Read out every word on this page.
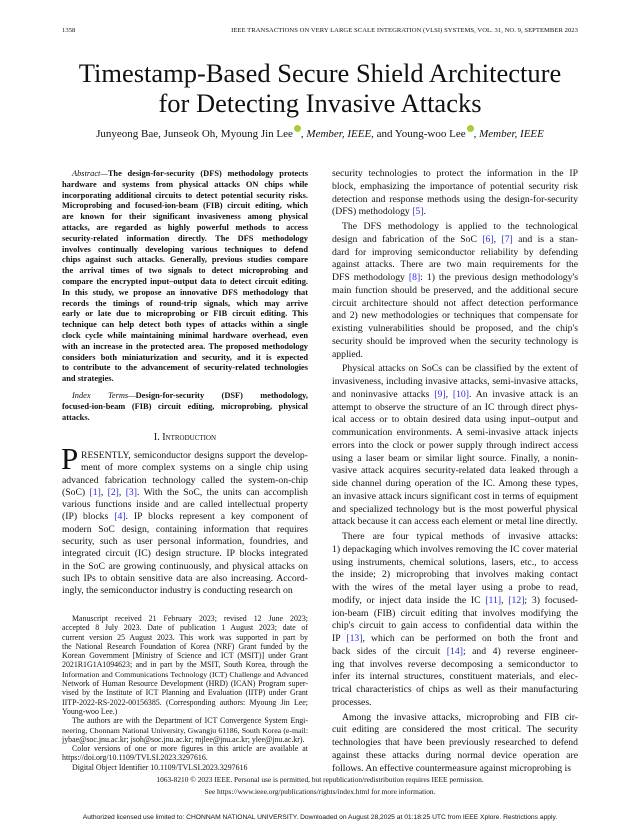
1358	IEEE TRANSACTIONS ON VERY LARGE SCALE INTEGRATION (VLSI) SYSTEMS, VOL. 31, NO. 9, SEPTEMBER 2023
Timestamp-Based Secure Shield Architecture
for Detecting Invasive Attacks
Junyeong Bae, Junseok Oh, Myoung Jin Lee , Member, IEEE, and Young-woo Lee , Member, IEEE
Abstract—The design-for-security (DFS) methodology protects
hardware and systems from physical attacks ON chips while
incorporating additional circuits to detect potential security risks.
Microprobing and focused-ion-beam (FIB) circuit editing, which
are known for their significant invasiveness among physical
attacks, are regarded as highly powerful methods to access
security-related information directly. The DFS methodology
involves continually developing various techniques to defend
chips against such attacks. Generally, previous studies compare
the arrival times of two signals to detect microprobing and
compare the encrypted input–output data to detect circuit editing.
In this study, we propose an innovative DFS methodology that
records the timings of round-trip signals, which may arrive
early or late due to microprobing or FIB circuit editing. This
technique can help detect both types of attacks within a single
clock cycle while maintaining minimal hardware overhead, even
with an increase in the protected area. The proposed methodology
considers both miniaturization and security, and it is expected
to contribute to the advancement of security-related technologies
and strategies.
Index Terms—Design-for-security (DSF) methodology,
focused-ion-beam (FIB) circuit editing, microprobing, physical
attacks.
I. Introduction
P RESENTLY, semiconductor designs support the develop-
ment of more complex systems on a single chip using
advanced fabrication technology called the system-on-chip
(SoC) [1], [2], [3]. With the SoC, the units can accomplish
various functions inside and are called intellectual property
(IP) blocks [4]. IP blocks represent a key component of
modern SoC design, containing information that requires
security, such as user personal information, foundries, and
integrated circuit (IC) design structure. IP blocks integrated
in the SoC are growing continuously, and physical attacks on
such IPs to obtain sensitive data are also increasing. Accord-
ingly, the semiconductor industry is conducting research on
Manuscript received 21 February 2023; revised 12 June 2023;
accepted 8 July 2023. Date of publication 1 August 2023; date of
current version 25 August 2023. This work was supported in part by
the National Research Foundation of Korea (NRF) Grant funded by the
Korean Government [Ministry of Science and ICT (MSIT)] under Grant
2021R1G1A1094623; and in part by the MSIT, South Korea, through the
Information and Communications Technology (ICT) Challenge and Advanced
Network of Human Resource Development (HRD) (ICAN) Program super-
vised by the Institute of ICT Planning and Evaluation (IITP) under Grant
IITP-2022-RS-2022-00156385. (Corresponding authors: Myoung Jin Lee;
Young-woo Lee.)
The authors are with the Department of ICT Convergence System Engi-
neering, Chonnam National University, Gwangju 61186, South Korea (e-mail:
jybae@soc.jnu.ac.kr; jsoh@soc.jnu.ac.kr; mjlee@jnu.ac.kr; ylee@jnu.ac.kr).
Color versions of one or more figures in this article are available at
https://doi.org/10.1109/TVLSI.2023.3297616.
Digital Object Identifier 10.1109/TVLSI.2023.3297616
security technologies to protect the information in the IP
block, emphasizing the importance of potential security risk
detection and response methods using the design-for-security
(DFS) methodology [5].
The DFS methodology is applied to the technological
design and fabrication of the SoC [6], [7] and is a stan-
dard for improving semiconductor reliability by defending
against attacks. There are two main requirements for the
DFS methodology [8]: 1) the previous design methodology's
main function should be preserved, and the additional secure
circuit architecture should not affect detection performance
and 2) new methodologies or techniques that compensate for
existing vulnerabilities should be proposed, and the chip's
security should be improved when the security technology is
applied.
Physical attacks on SoCs can be classified by the extent of
invasiveness, including invasive attacks, semi-invasive attacks,
and noninvasive attacks [9], [10]. An invasive attack is an
attempt to observe the structure of an IC through direct phys-
ical access or to obtain desired data using input–output and
communication environments. A semi-invasive attack injects
errors into the clock or power supply through indirect access
using a laser beam or similar light source. Finally, a nonin-
vasive attack acquires security-related data leaked through a
side channel during operation of the IC. Among these types,
an invasive attack incurs significant cost in terms of equipment
and specialized technology but is the most powerful physical
attack because it can access each element or metal line directly.
There are four typical methods of invasive attacks:
1) depackaging which involves removing the IC cover material
using instruments, chemical solutions, lasers, etc., to access
the inside; 2) microprobing that involves making contact
with the wires of the metal layer using a probe to read,
modify, or inject data inside the IC [11], [12]; 3) focused-
ion-beam (FIB) circuit editing that involves modifying the
chip's circuit to gain access to confidential data within the
IP [13], which can be performed on both the front and
back sides of the circuit [14]; and 4) reverse engineer-
ing that involves reverse decomposing a semiconductor to
infer its internal structures, constituent materials, and elec-
trical characteristics of chips as well as their manufacturing
processes.
Among the invasive attacks, microprobing and FIB cir-
cuit editing are considered the most critical. The security
technologies that have been previously researched to defend
against these attacks during normal device operation are
follows. An effective countermeasure against microprobing is
1063-8210 © 2023 IEEE. Personal use is permitted, but republication/redistribution requires IEEE permission.
See https://www.ieee.org/publications/rights/index.html for more information.
Authorized licensed use limited to: CHONNAM NATIONAL UNIVERSITY. Downloaded on August 28,2025 at 01:18:25 UTC from IEEE Xplore. Restrictions apply.
